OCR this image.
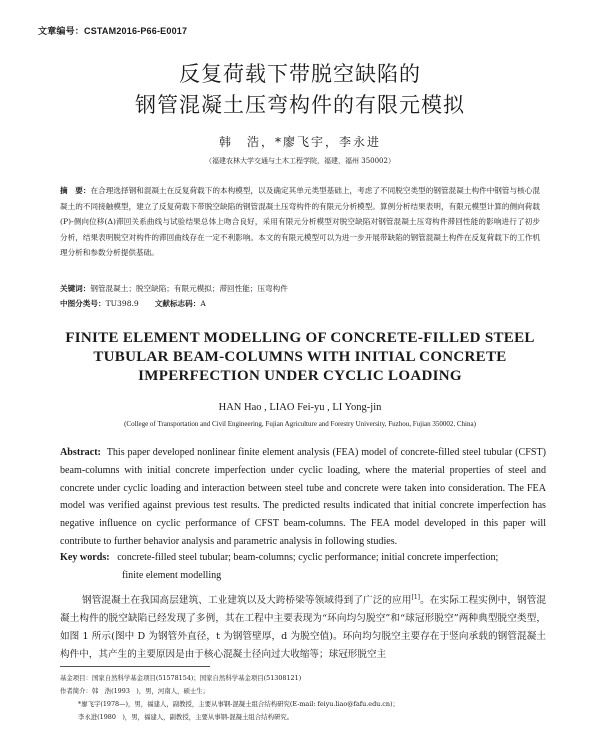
文章编号：CSTAM2016-P66-E0017
反复荷载下带脱空缺陷的
钢管混凝土压弯构件的有限元模拟
韩　浩，*廖飞宇，李永进
（福建农林大学交通与土木工程学院，福建，福州 350002）
摘　要：在合理选择钢和混凝土在反复荷载下的本构模型，以及确定其单元类型基础上，考虑了不同脱空类型的钢管混凝土构件中钢管与核心混凝土的不同接触模型，建立了反复荷载下带脱空缺陷的钢管混凝土压弯构件的有限元分析模型。算例分析结果表明，有限元模型计算的侧向荷载(P)-侧向位移(Δ)滞回关系曲线与试验结果总体上吻合良好，采用有限元分析模型对脱空缺陷对钢管混凝土压弯构件滞回性能的影响进行了初步分析，结果表明脱空对构件的滞回曲线存在一定不利影响。本文的有限元模型可以为进一步开展带缺陷的钢管混凝土构件在反复荷载下的工作机理分析和参数分析提供基础。
关键词：钢管混凝土；脱空缺陷；有限元模拟；滞回性能；压弯构件
中图分类号：TU398.9 文献标志码：A
FINITE ELEMENT MODELLING OF CONCRETE-FILLED STEEL
TUBULAR BEAM-COLUMNS WITH INITIAL CONCRETE
IMPERFECTION UNDER CYCLIC LOADING
HAN Hao , LIAO Fei-yu , LI Yong-jin
(College of Transportation and Civil Engineering, Fujian Agriculture and Forestry University, Fuzhou, Fujian 350002, China)
Abstract: This paper developed nonlinear finite element analysis (FEA) model of concrete-filled steel tubular (CFST) beam-columns with initial concrete imperfection under cyclic loading, where the material properties of steel and concrete under cyclic loading and interaction between steel tube and concrete were taken into consideration. The FEA model was verified against previous test results. The predicted results indicated that initial concrete imperfection has negative influence on cyclic performance of CFST beam-columns. The FEA model developed in this paper will contribute to further behavior analysis and parametric analysis in following studies.
Key words: concrete-filled steel tubular; beam-columns; cyclic performance; initial concrete imperfection;
finite element modelling
钢管混凝土在我国高层建筑、工业建筑以及大跨桥梁等领域得到了广泛的应用[1]。在实际工程实例中，钢管混凝土构件的脱空缺陷已经发现了多例，其在工程中主要表现为“环向均匀脱空”和“球冠形脱空”两种典型脱空类型，如图 1 所示(图中 D 为钢管外直径，t 为钢管壁厚，d 为脱空值)。环向均匀脱空主要存在于竖向承载的钢管混凝土构件中，其产生的主要原因是由于核心混凝土径向过大收缩等；球冠形脱空主
基金项目：国家自然科学基金项目(51578154)；国家自然科学基金项目(51308121)
作者简介：韩　浩(1993　)，男，河南人，硕士生；
*廖飞宇(1978—)，男，福建人，副教授，主要从事钢-混凝土组合结构研究(E-mail: feiyu.liao@fafu.edu.cn)；
李永进(1980　)，男，福建人，副教授，主要从事钢-混凝土组合结构研究。
